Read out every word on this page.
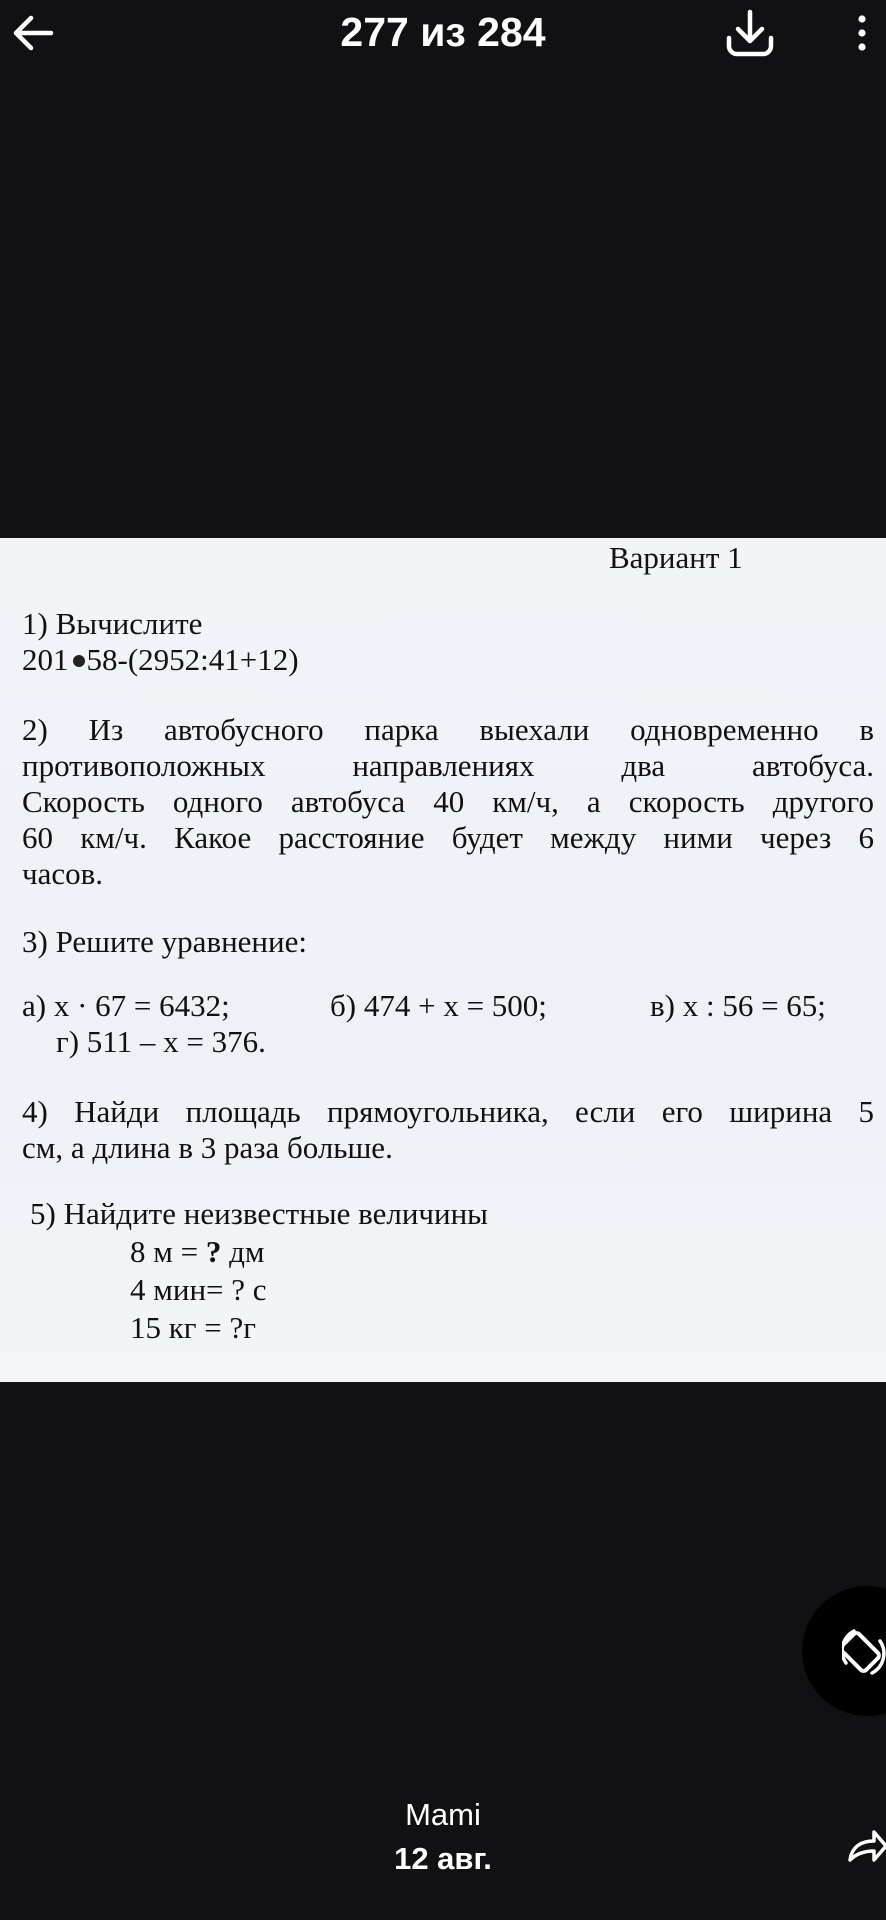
277 из 284
Вариант 1
1) Вычислите
201 58-(2952:41+12)
2) Из автобусного парка выехали одновременно в
противоположных направлениях два автобуса.
Скорость одного автобуса 40 км/ч, а скорость другого
60 км/ч. Какое расстояние будет между ними через 6
часов.
3) Решите уравнение:
а) x · 67 = 6432;	б) 474 + x = 500;	в) x : 56 = 65;
г) 511 – x = 376.
4) Найди площадь прямоугольника, если его ширина 5
см, а длина в 3 раза больше.
5) Найдите неизвестные величины
8 м = ? дм
4 мин= ? с
15 кг = ?г
Mami
12 авг.
